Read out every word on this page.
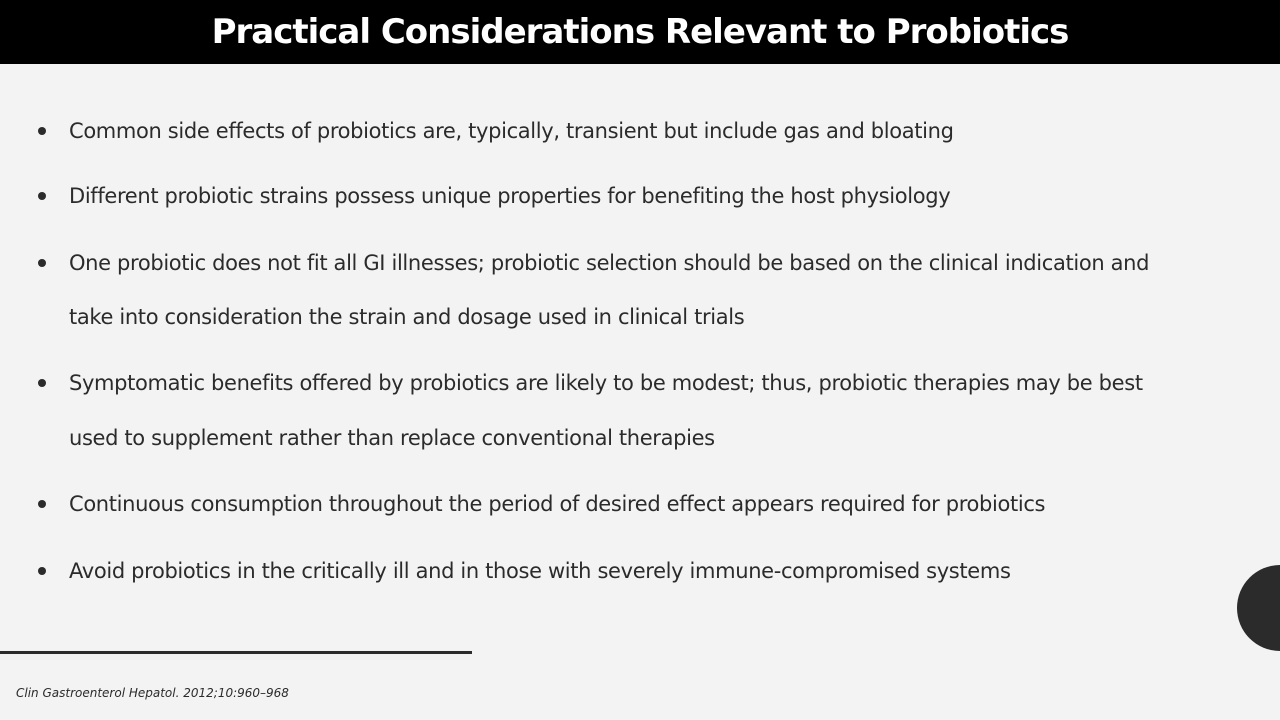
Practical Considerations Relevant to Probiotics
Common side effects of probiotics are, typically, transient but include gas and bloating
Different probiotic strains possess unique properties for benefiting the host physiology
One probiotic does not fit all GI illnesses; probiotic selection should be based on the clinical indication and
take into consideration the strain and dosage used in clinical trials
Symptomatic benefits offered by probiotics are likely to be modest; thus, probiotic therapies may be best
used to supplement rather than replace conventional therapies
Continuous consumption throughout the period of desired effect appears required for probiotics
Avoid probiotics in the critically ill and in those with severely immune-compromised systems
Clin Gastroenterol Hepatol. 2012;10:960–968
